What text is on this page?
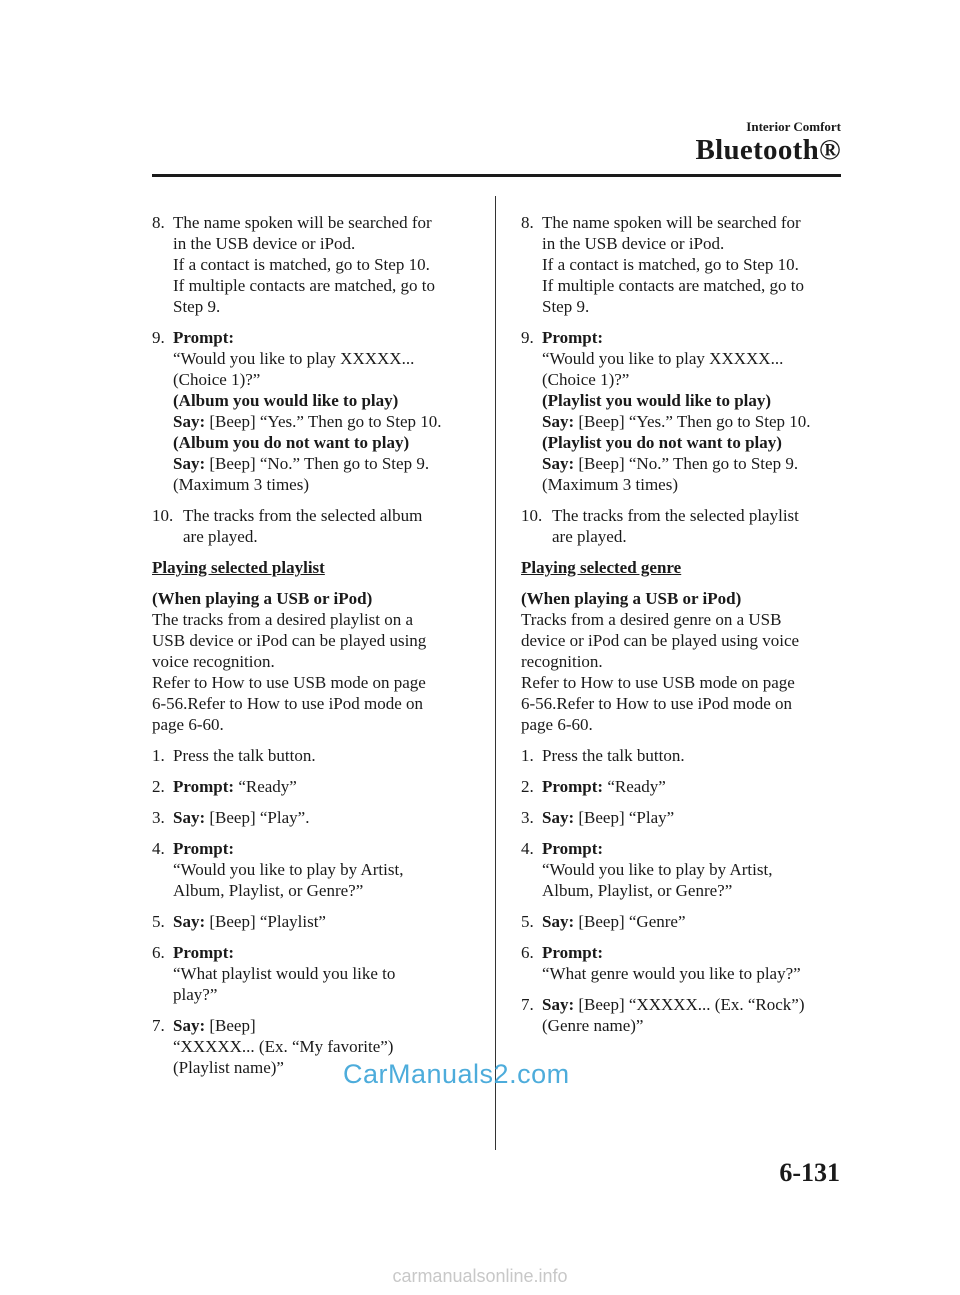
Interior Comfort
Bluetooth®
8. The name spoken will be searched for
in the USB device or iPod.
If a contact is matched, go to Step 10.
If multiple contacts are matched, go to
Step 9.
9. Prompt:
“Would you like to play XXXXX...
(Choice 1)?”
(Album you would like to play)
Say: [Beep] “Yes.” Then go to Step 10.
(Album you do not want to play)
Say: [Beep] “No.” Then go to Step 9.
(Maximum 3 times)
10. The tracks from the selected album
are played.
Playing selected playlist
(When playing a USB or iPod)
The tracks from a desired playlist on a
USB device or iPod can be played using
voice recognition.
Refer to How to use USB mode on page
6-56.Refer to How to use iPod mode on
page 6-60.
1. Press the talk button.
2. Prompt: “Ready”
3. Say: [Beep] “Play”.
4. Prompt:
“Would you like to play by Artist,
Album, Playlist, or Genre?”
5. Say: [Beep] “Playlist”
6. Prompt:
“What playlist would you like to
play?”
7. Say: [Beep]
“XXXXX... (Ex. “My favorite”)
(Playlist name)”
8. The name spoken will be searched for
in the USB device or iPod.
If a contact is matched, go to Step 10.
If multiple contacts are matched, go to
Step 9.
9. Prompt:
“Would you like to play XXXXX...
(Choice 1)?”
(Playlist you would like to play)
Say: [Beep] “Yes.” Then go to Step 10.
(Playlist you do not want to play)
Say: [Beep] “No.” Then go to Step 9.
(Maximum 3 times)
10. The tracks from the selected playlist
are played.
Playing selected genre
(When playing a USB or iPod)
Tracks from a desired genre on a USB
device or iPod can be played using voice
recognition.
Refer to How to use USB mode on page
6-56.Refer to How to use iPod mode on
page 6-60.
1. Press the talk button.
2. Prompt: “Ready”
3. Say: [Beep] “Play”
4. Prompt:
“Would you like to play by Artist,
Album, Playlist, or Genre?”
5. Say: [Beep] “Genre”
6. Prompt:
“What genre would you like to play?”
7. Say: [Beep] “XXXXX... (Ex. “Rock”)
(Genre name)”
CarManuals2.com
6-131
carmanualsonline.info
